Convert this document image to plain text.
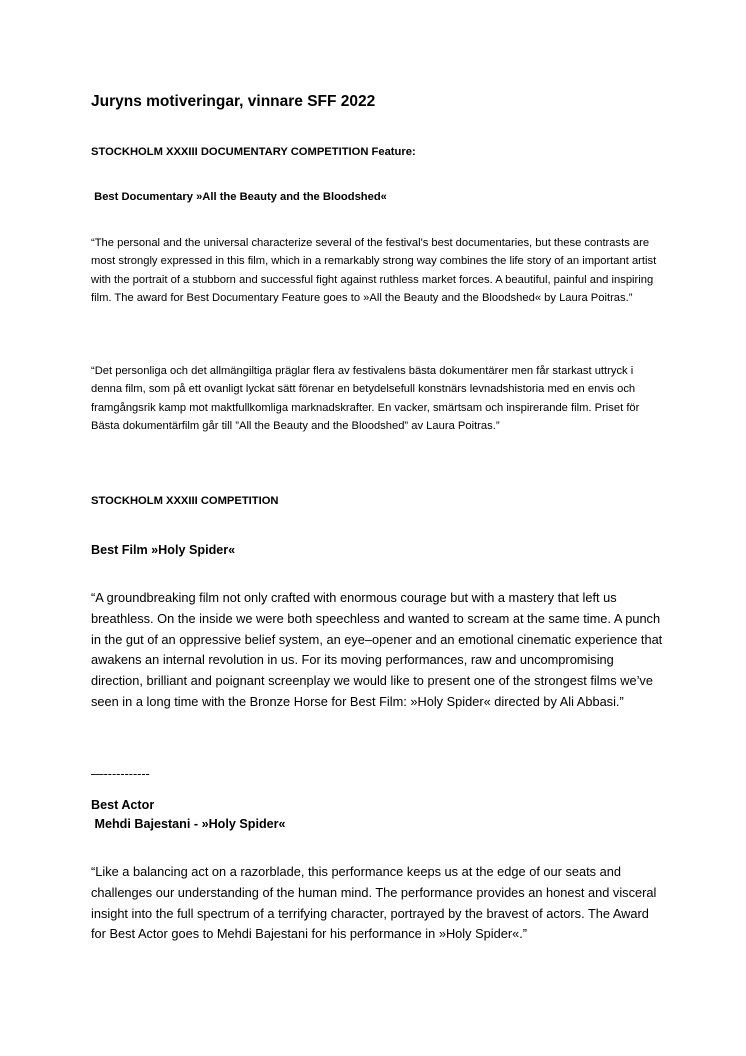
Juryns motiveringar, vinnare SFF 2022

STOCKHOLM XXXIII DOCUMENTARY COMPETITION Feature:

Best Documentary »All the Beauty and the Bloodshed«

“The personal and the universal characterize several of the festival's best documentaries, but these contrasts are most strongly expressed in this film, which in a remarkably strong way combines the life story of an important artist with the portrait of a stubborn and successful fight against ruthless market forces. A beautiful, painful and inspiring film. The award for Best Documentary Feature goes to »All the Beauty and the Bloodshed« by Laura Poitras.”

“Det personliga och det allmängiltiga präglar flera av festivalens bästa dokumentärer men får starkast uttryck i denna film, som på ett ovanligt lyckat sätt förenar en betydelsefull konstnärs levnadshistoria med en envis och framgångsrik kamp mot maktfullkomliga marknadskrafter. En vacker, smärtsam och inspirerande film. Priset för Bästa dokumentärfilm går till ”All the Beauty and the Bloodshed” av Laura Poitras.”

STOCKHOLM XXXIII COMPETITION

Best Film »Holy Spider«

“A groundbreaking film not only crafted with enormous courage but with a mastery that left us breathless. On the inside we were both speechless and wanted to scream at the same time. A punch in the gut of an oppressive belief system, an eye–opener and an emotional cinematic experience that awakens an internal revolution in us. For its moving performances, raw and uncompromising direction, brilliant and poignant screenplay we would like to present one of the strongest films we’ve seen in a long time with the Bronze Horse for Best Film: »Holy Spider« directed by Ali Abbasi.”

—-----------

Best Actor

Mehdi Bajestani - »Holy Spider«

“Like a balancing act on a razorblade, this performance keeps us at the edge of our seats and challenges our understanding of the human mind. The performance provides an honest and visceral insight into the full spectrum of a terrifying character, portrayed by the bravest of actors. The Award for Best Actor goes to Mehdi Bajestani for his performance in »Holy Spider«.”
